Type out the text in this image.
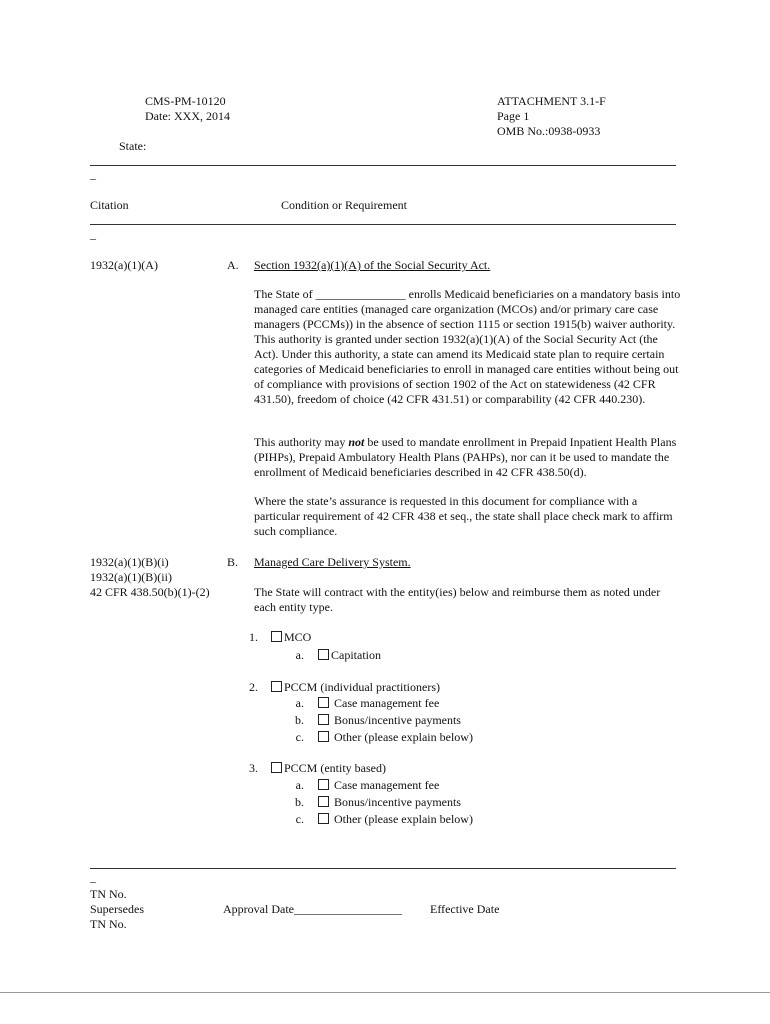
CMS-PM-10120
Date: XXX, 2014
State:
ATTACHMENT 3.1-F
Page 1
OMB No.:0938-0933
_
Citation	Condition or Requirement
_
1932(a)(1)(A)	A. Section 1932(a)(1)(A) of the Social Security Act.
The State of _______________ enrolls Medicaid beneficiaries on a mandatory basis into managed care entities (managed care organization (MCOs) and/or primary care case managers (PCCMs)) in the absence of section 1115 or section 1915(b) waiver authority. This authority is granted under section 1932(a)(1)(A) of the Social Security Act (the Act). Under this authority, a state can amend its Medicaid state plan to require certain categories of Medicaid beneficiaries to enroll in managed care entities without being out of compliance with provisions of section 1902 of the Act on statewideness (42 CFR 431.50), freedom of choice (42 CFR 431.51) or comparability (42 CFR 440.230).
This authority may not be used to mandate enrollment in Prepaid Inpatient Health Plans (PIHPs), Prepaid Ambulatory Health Plans (PAHPs), nor can it be used to mandate the enrollment of Medicaid beneficiaries described in 42 CFR 438.50(d).
Where the state’s assurance is requested in this document for compliance with a particular requirement of 42 CFR 438 et seq., the state shall place check mark to affirm such compliance.
1932(a)(1)(B)(i)
1932(a)(1)(B)(ii)
42 CFR 438.50(b)(1)-(2)
B. Managed Care Delivery System.
The State will contract with the entity(ies) below and reimburse them as noted under each entity type.
1.	MCO
a.	Capitation
2.	PCCM (individual practitioners)
a.	Case management fee
b.	Bonus/incentive payments
c.	Other (please explain below)
3.	PCCM (entity based)
a.	Case management fee
b.	Bonus/incentive payments
c.	Other (please explain below)
_
TN No.
Supersedes
TN No.
Approval Date__________________ Effective Date
